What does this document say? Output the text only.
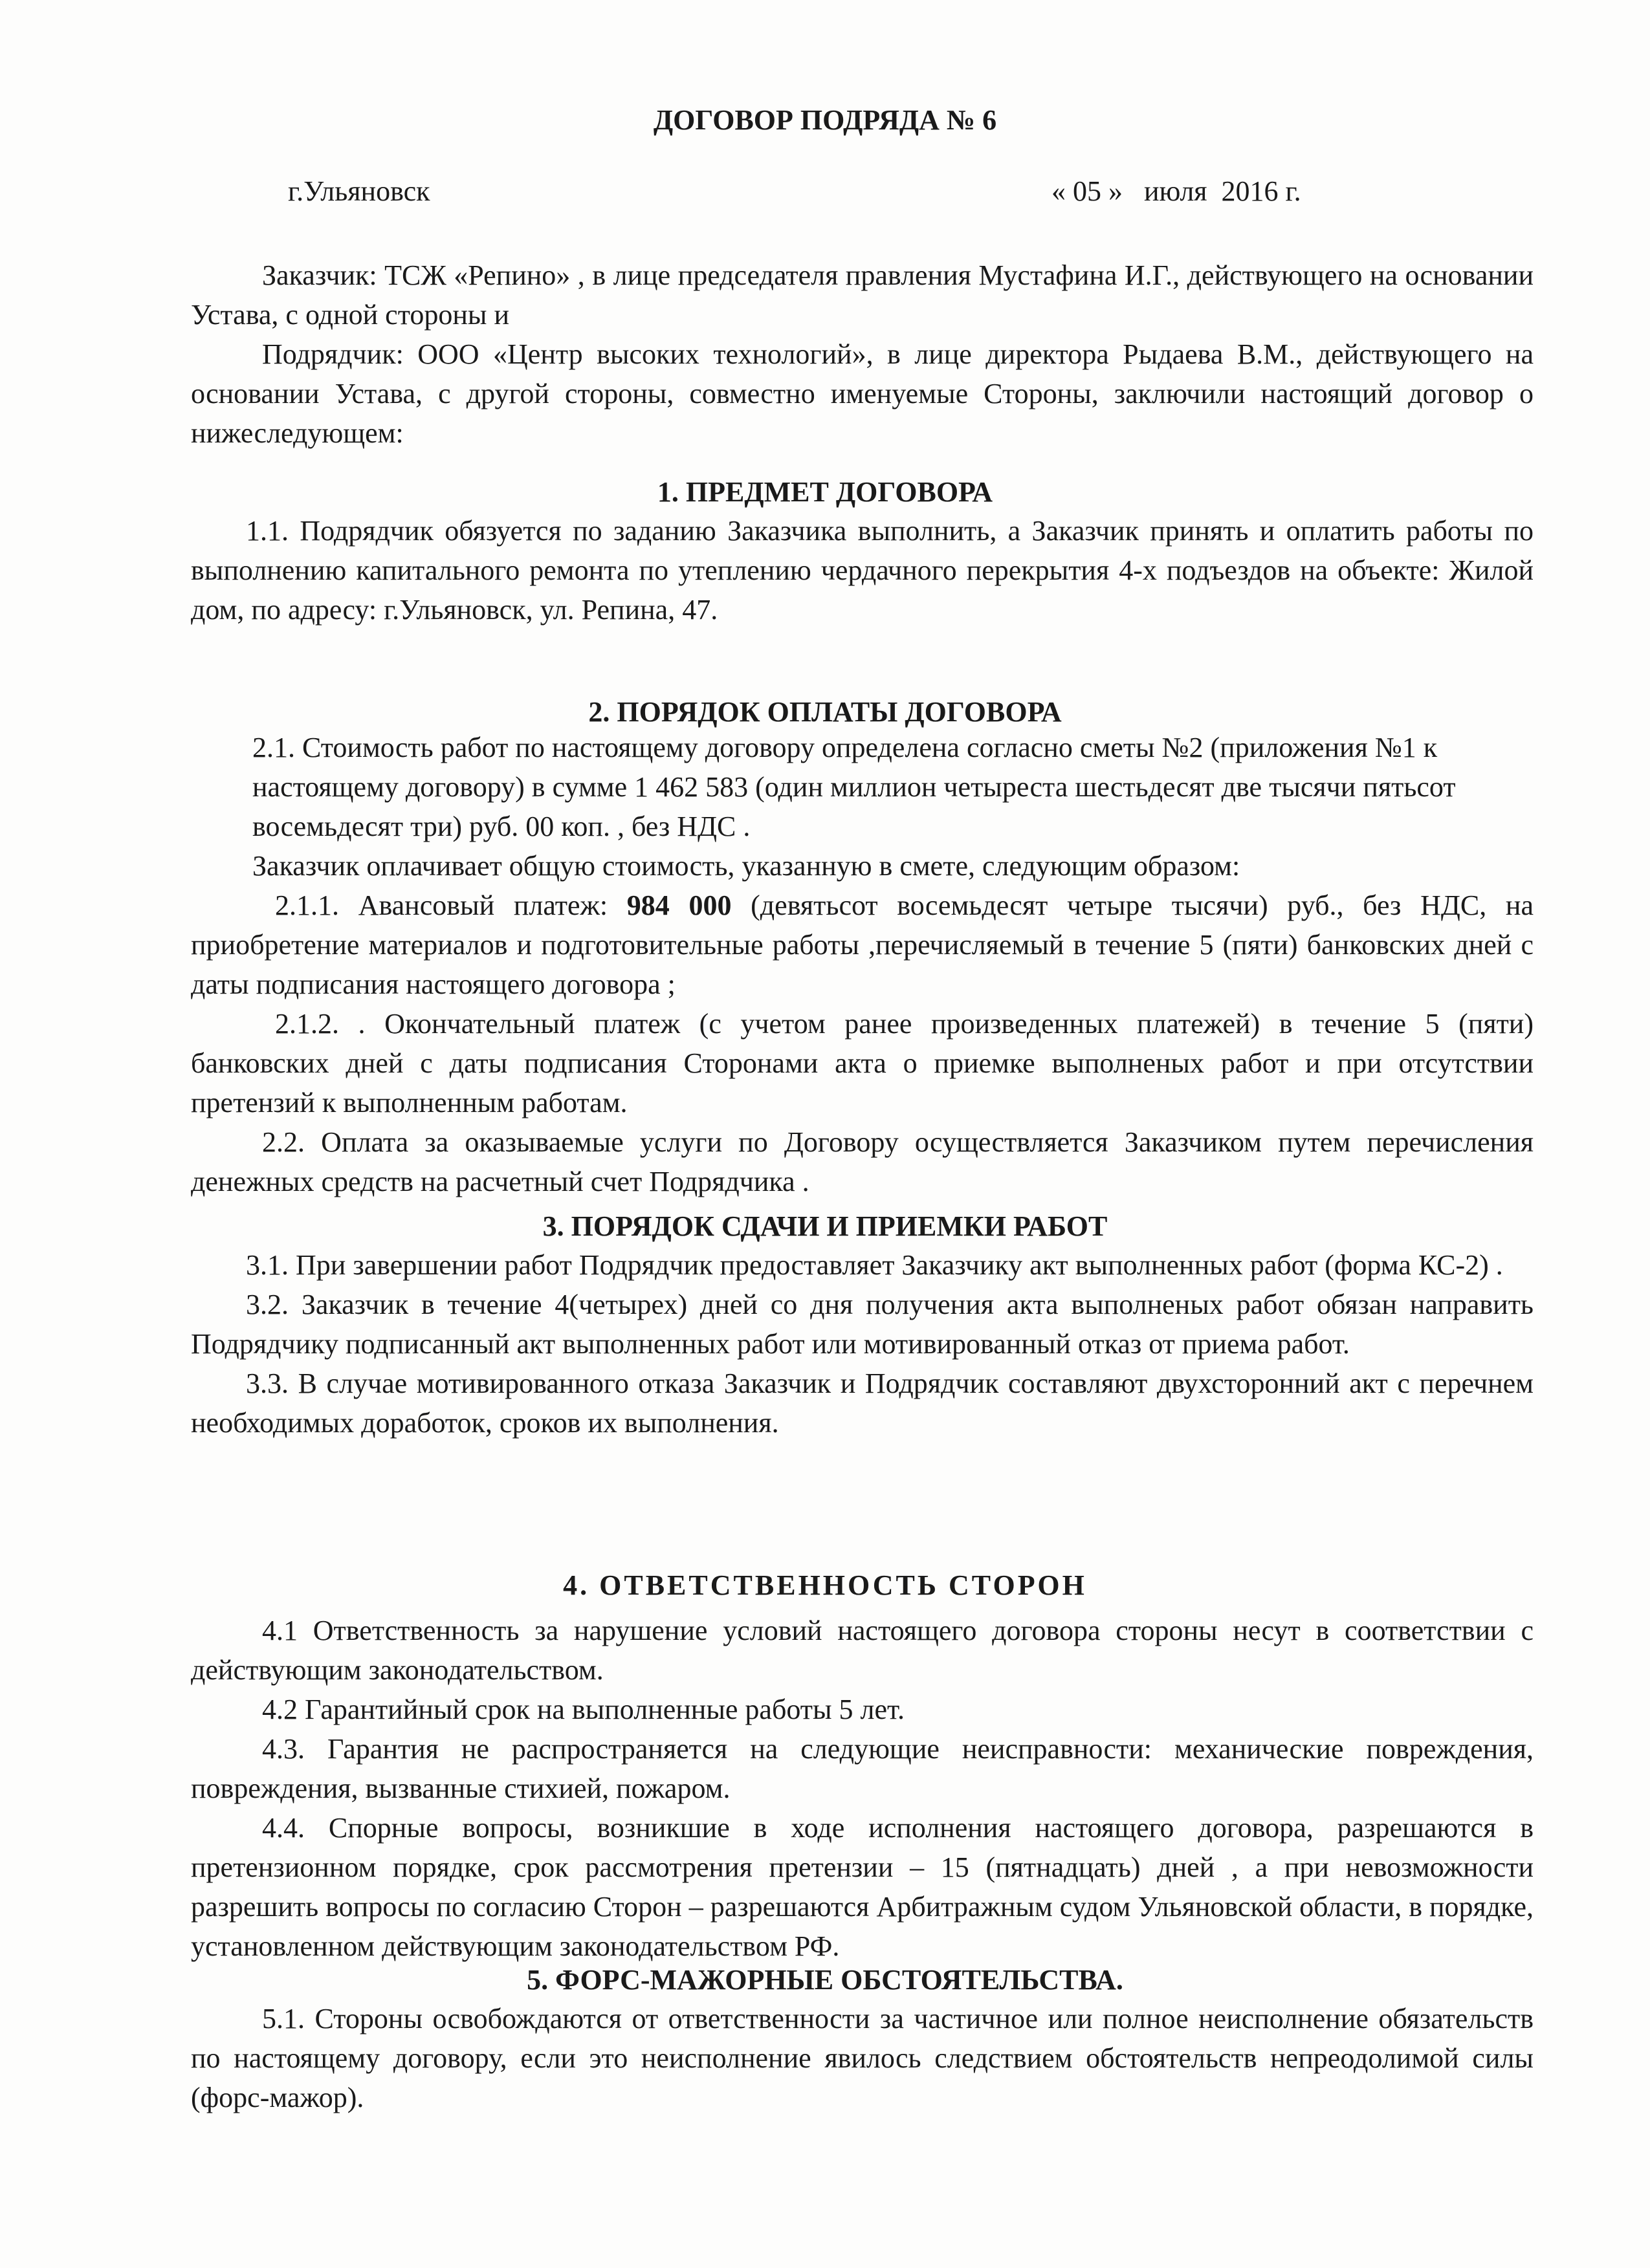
ДОГОВОР ПОДРЯДА № 6
г.Ульяновск	« 05 »   июля  2016 г.

Заказчик: ТСЖ «Репино» , в лице председателя правления Мустафина И.Г., действующего на основании Устава, с одной стороны и

Подрядчик: ООО «Центр высоких технологий», в лице директора Рыдаева В.М., действующего на основании Устава, с другой стороны, совместно именуемые Стороны, заключили настоящий договор о нижеследующем:

1. ПРЕДМЕТ ДОГОВОРА

1.1. Подрядчик обязуется по заданию Заказчика выполнить, а Заказчик принять и оплатить работы по выполнению капитального ремонта по утеплению чердачного перекрытия 4-х подъездов на объекте: Жилой дом, по адресу: г.Ульяновск, ул. Репина, 47.

2. ПОРЯДОК ОПЛАТЫ ДОГОВОРА

2.1. Стоимость работ по настоящему договору определена согласно сметы №2 (приложения №1 к настоящему договору) в сумме 1 462 583 (один миллион четыреста шестьдесят две тысячи пятьсот восемьдесят три) руб. 00 коп. , без НДС .

Заказчик оплачивает общую стоимость, указанную в смете, следующим образом:

2.1.1. Авансовый платеж: 984 000 (девятьсот восемьдесят четыре тысячи) руб., без НДС, на приобретение материалов и подготовительные работы ,перечисляемый в течение 5 (пяти) банковских дней с даты подписания настоящего договора ;

2.1.2. . Окончательный платеж (с учетом ранее произведенных платежей) в течение 5 (пяти) банковских дней с даты подписания Сторонами акта о приемке выполненых работ и при отсутствии претензий к выполненным работам.

2.2. Оплата за оказываемые услуги по Договору осуществляется Заказчиком путем перечисления денежных средств на расчетный счет Подрядчика .

3. ПОРЯДОК СДАЧИ И ПРИЕМКИ РАБОТ

3.1. При завершении работ Подрядчик предоставляет Заказчику акт выполненных работ (форма КС-2) .

3.2. Заказчик в течение 4(четырех) дней со дня получения акта выполненых работ обязан направить Подрядчику подписанный акт выполненных работ или мотивированный отказ от приема работ.

3.3. В случае мотивированного отказа Заказчик и Подрядчик составляют двухсторонний акт с перечнем необходимых доработок, сроков их выполнения.

4. ОТВЕТСТВЕННОСТЬ СТОРОН

4.1 Ответственность за нарушение условий настоящего договора стороны несут в соответствии с действующим законодательством.

4.2 Гарантийный срок на выполненные работы 5 лет.

4.3. Гарантия не распространяется на следующие неисправности: механические повреждения, повреждения, вызванные стихией, пожаром.

4.4. Спорные вопросы, возникшие в ходе исполнения настоящего договора, разрешаются в претензионном порядке, срок рассмотрения претензии – 15 (пятнадцать) дней , а при невозможности разрешить вопросы по согласию Сторон – разрешаются Арбитражным судом Ульяновской области, в порядке, установленном действующим законодательством РФ.

5. ФОРС-МАЖОРНЫЕ ОБСТОЯТЕЛЬСТВА.

5.1. Стороны освобождаются от ответственности за частичное или полное неисполнение обязательств по настоящему договору, если это неисполнение явилось следствием обстоятельств непреодолимой силы (форс-мажор).
